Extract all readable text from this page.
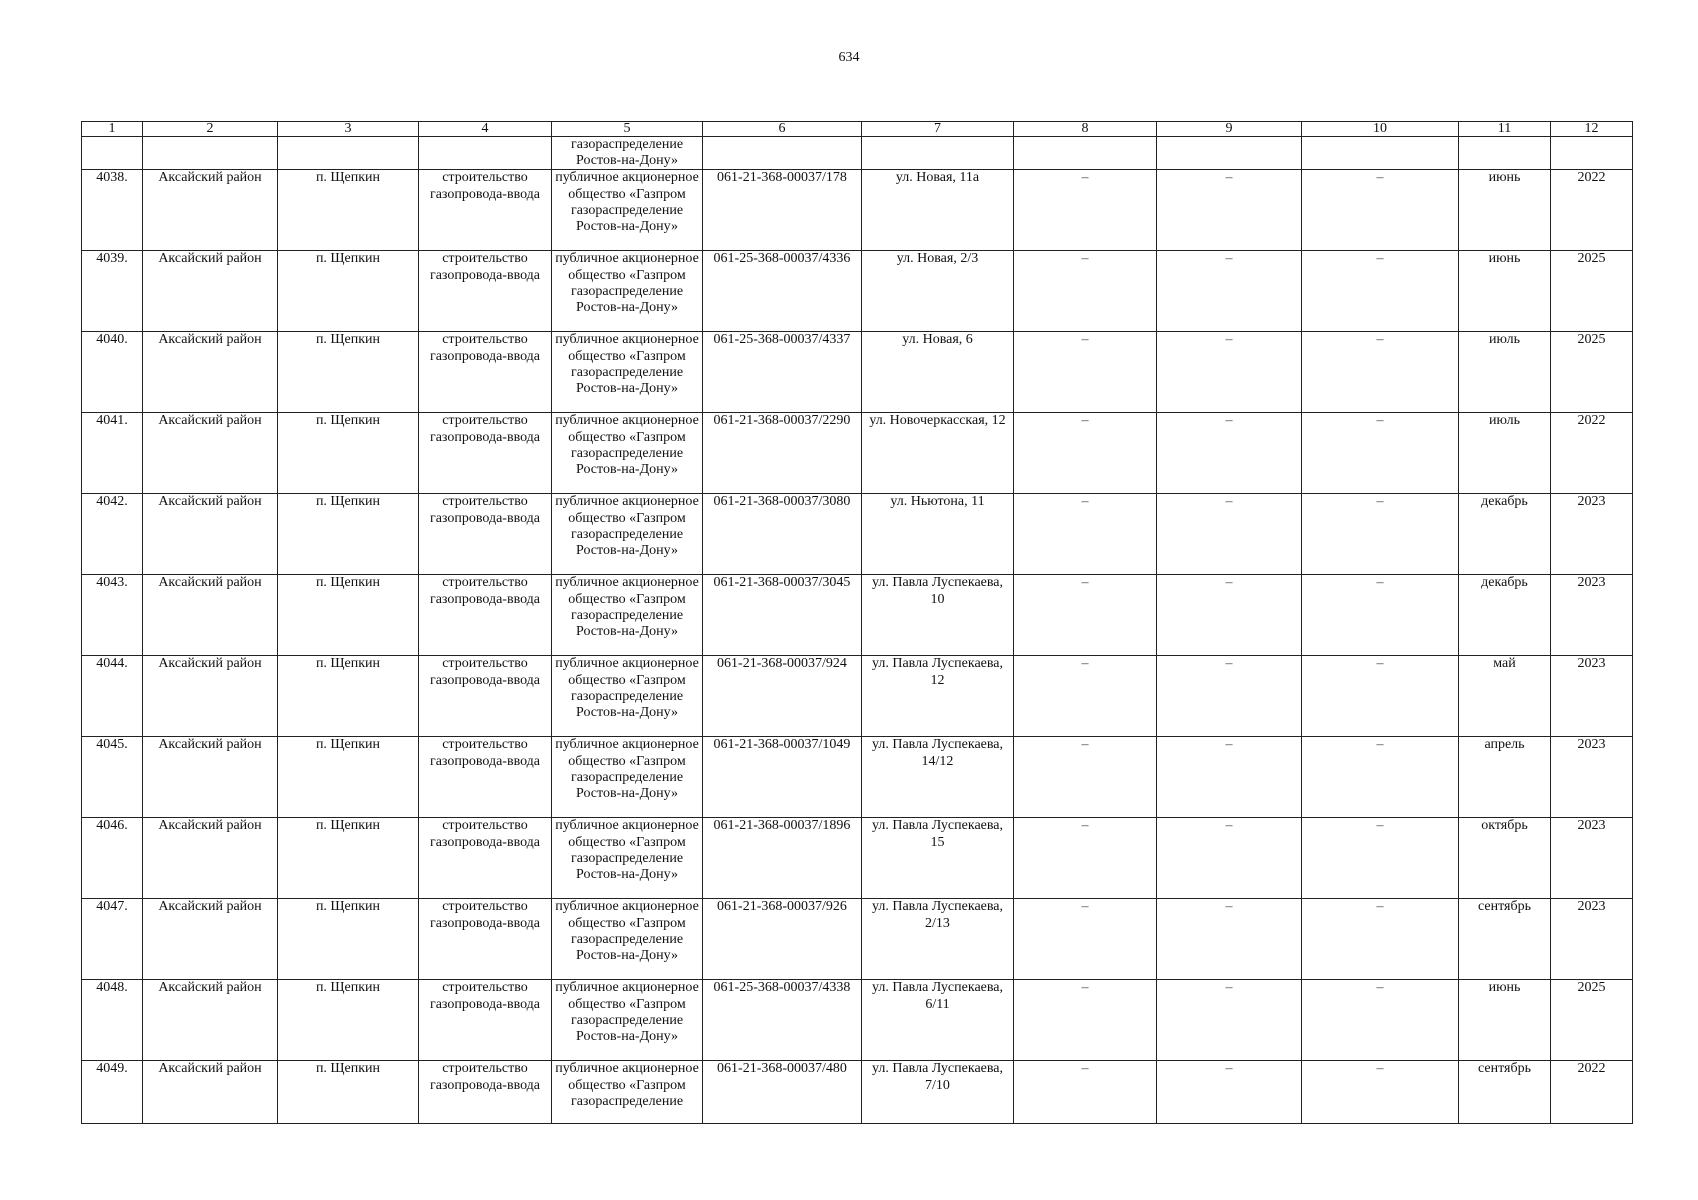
634
1	2	3	4	5	6	7	8	9	10	11	12
				газораспределение Ростов-на-Дону»							
4038.	Аксайский район	п. Щепкин	строительство газопровода-ввода	публичное акционерное общество «Газпром газораспределение Ростов-на-Дону»	061-21-368-00037/178	ул. Новая, 11а	–	–	–	июнь	2022
4039.	Аксайский район	п. Щепкин	строительство газопровода-ввода	публичное акционерное общество «Газпром газораспределение Ростов-на-Дону»	061-25-368-00037/4336	ул. Новая, 2/3	–	–	–	июнь	2025
4040.	Аксайский район	п. Щепкин	строительство газопровода-ввода	публичное акционерное общество «Газпром газораспределение Ростов-на-Дону»	061-25-368-00037/4337	ул. Новая, 6	–	–	–	июль	2025
4041.	Аксайский район	п. Щепкин	строительство газопровода-ввода	публичное акционерное общество «Газпром газораспределение Ростов-на-Дону»	061-21-368-00037/2290	ул. Новочеркасская, 12	–	–	–	июль	2022
4042.	Аксайский район	п. Щепкин	строительство газопровода-ввода	публичное акционерное общество «Газпром газораспределение Ростов-на-Дону»	061-21-368-00037/3080	ул. Ньютона, 11	–	–	–	декабрь	2023
4043.	Аксайский район	п. Щепкин	строительство газопровода-ввода	публичное акционерное общество «Газпром газораспределение Ростов-на-Дону»	061-21-368-00037/3045	ул. Павла Луспекаева, 10	–	–	–	декабрь	2023
4044.	Аксайский район	п. Щепкин	строительство газопровода-ввода	публичное акционерное общество «Газпром газораспределение Ростов-на-Дону»	061-21-368-00037/924	ул. Павла Луспекаева, 12	–	–	–	май	2023
4045.	Аксайский район	п. Щепкин	строительство газопровода-ввода	публичное акционерное общество «Газпром газораспределение Ростов-на-Дону»	061-21-368-00037/1049	ул. Павла Луспекаева, 14/12	–	–	–	апрель	2023
4046.	Аксайский район	п. Щепкин	строительство газопровода-ввода	публичное акционерное общество «Газпром газораспределение Ростов-на-Дону»	061-21-368-00037/1896	ул. Павла Луспекаева, 15	–	–	–	октябрь	2023
4047.	Аксайский район	п. Щепкин	строительство газопровода-ввода	публичное акционерное общество «Газпром газораспределение Ростов-на-Дону»	061-21-368-00037/926	ул. Павла Луспекаева, 2/13	–	–	–	сентябрь	2023
4048.	Аксайский район	п. Щепкин	строительство газопровода-ввода	публичное акционерное общество «Газпром газораспределение Ростов-на-Дону»	061-25-368-00037/4338	ул. Павла Луспекаева, 6/11	–	–	–	июнь	2025
4049.	Аксайский район	п. Щепкин	строительство газопровода-ввода	публичное акционерное общество «Газпром газораспределение	061-21-368-00037/480	ул. Павла Луспекаева, 7/10	–	–	–	сентябрь	2022
